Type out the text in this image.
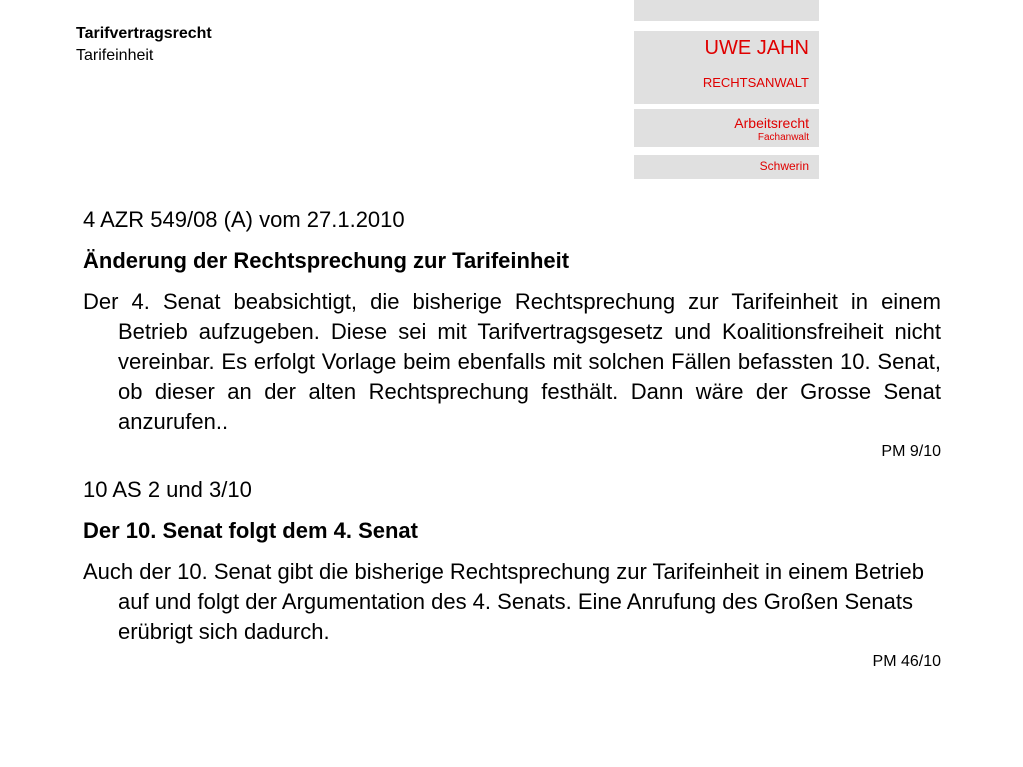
Tarifvertragsrecht
Tarifeinheit	UWE JAHN
RECHTSANWALT
Arbeitsrecht
Fachanwalt
Schwerin

4 AZR 549/08 (A) vom 27.1.2010

Änderung der Rechtsprechung zur Tarifeinheit

Der 4. Senat beabsichtigt, die bisherige Rechtsprechung zur Tarifeinheit in einem Betrieb aufzugeben. Diese sei mit Tarifvertragsgesetz und Koalitionsfreiheit nicht vereinbar. Es erfolgt Vorlage beim ebenfalls mit solchen Fällen befassten 10. Senat, ob dieser an der alten Rechtsprechung festhält. Dann wäre der Grosse Senat anzurufen..

PM 9/10

10 AS 2 und 3/10

Der 10. Senat folgt dem 4. Senat

Auch der 10. Senat gibt die bisherige Rechtsprechung zur Tarifeinheit in einem Betrieb auf und folgt der Argumentation des 4. Senats. Eine Anrufung des Großen Senats erübrigt sich dadurch.

PM 46/10
